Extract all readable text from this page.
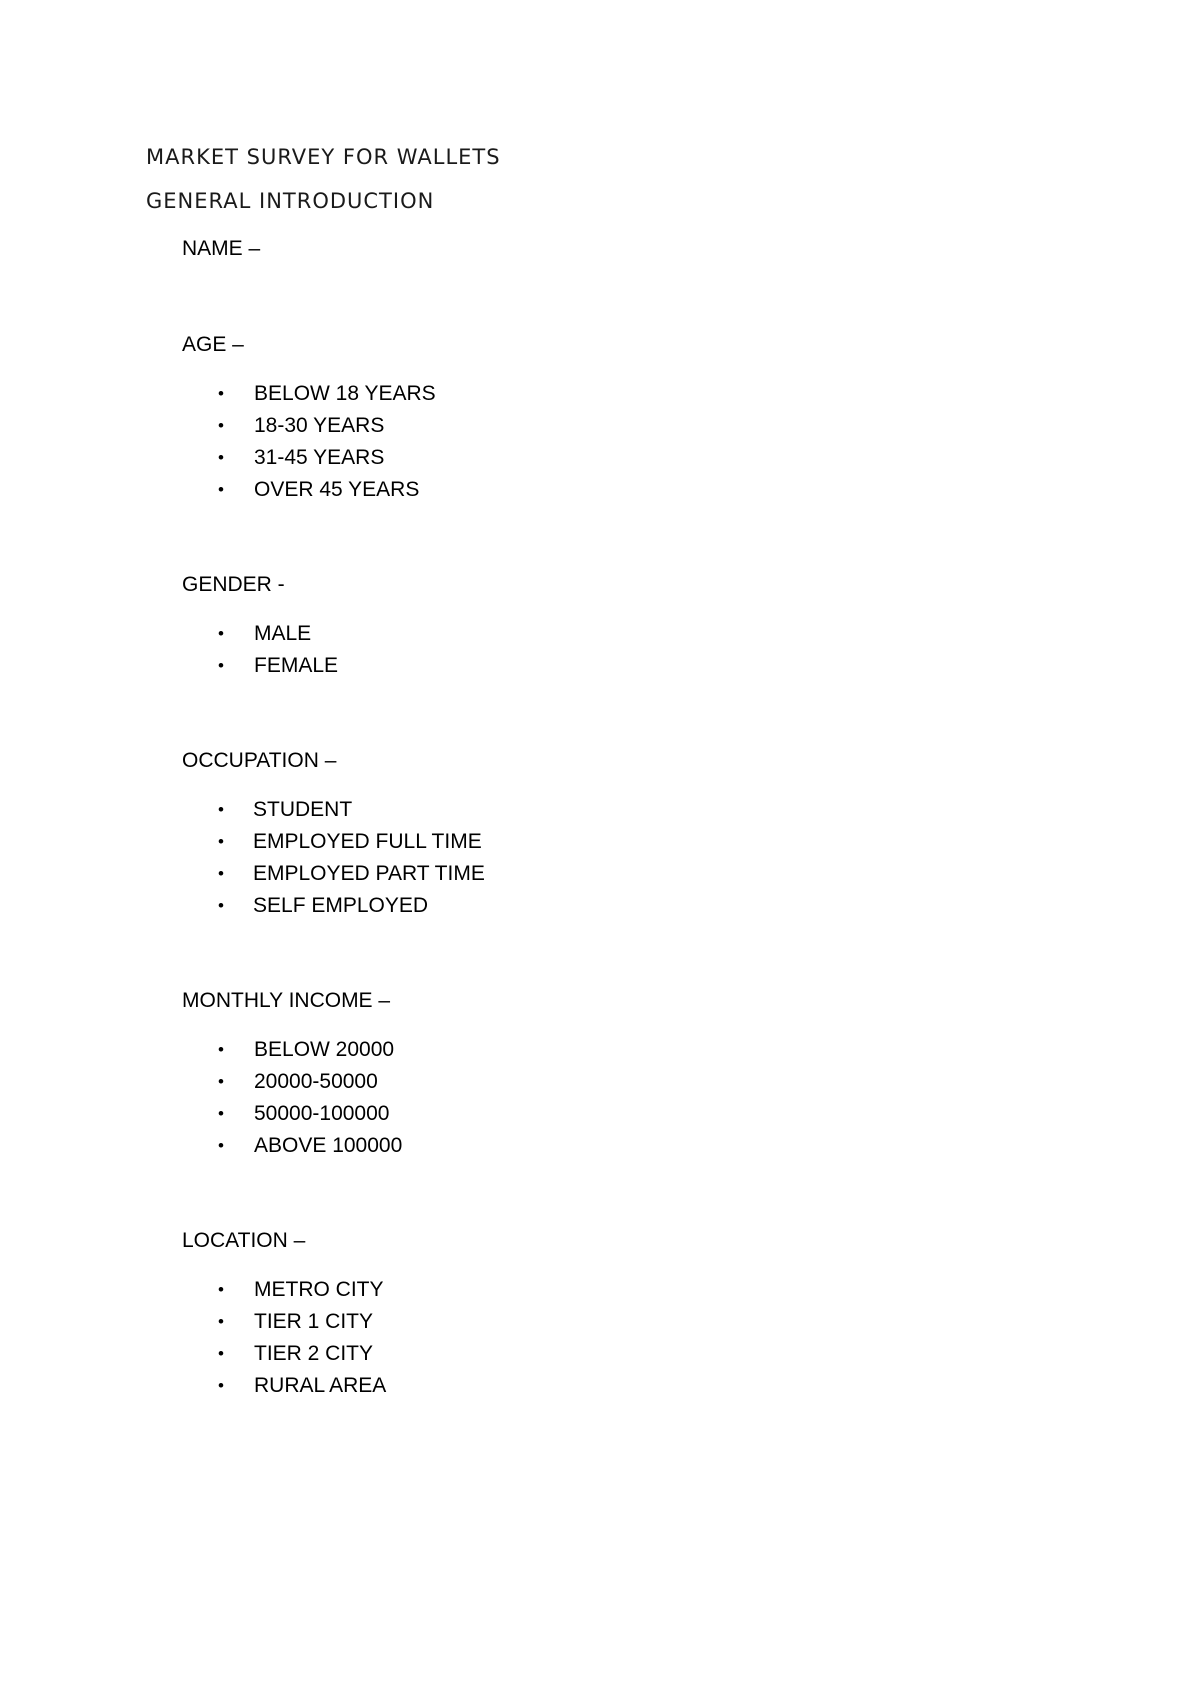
MARKET SURVEY FOR WALLETS
GENERAL INTRODUCTION
NAME –
AGE –
• BELOW 18 YEARS
• 18-30 YEARS
• 31-45 YEARS
• OVER 45 YEARS
GENDER -
• MALE
• FEMALE
OCCUPATION –
• STUDENT
• EMPLOYED FULL TIME
• EMPLOYED PART TIME
• SELF EMPLOYED
MONTHLY INCOME –
• BELOW 20000
• 20000-50000
• 50000-100000
• ABOVE 100000
LOCATION –
• METRO CITY
• TIER 1 CITY
• TIER 2 CITY
• RURAL AREA
